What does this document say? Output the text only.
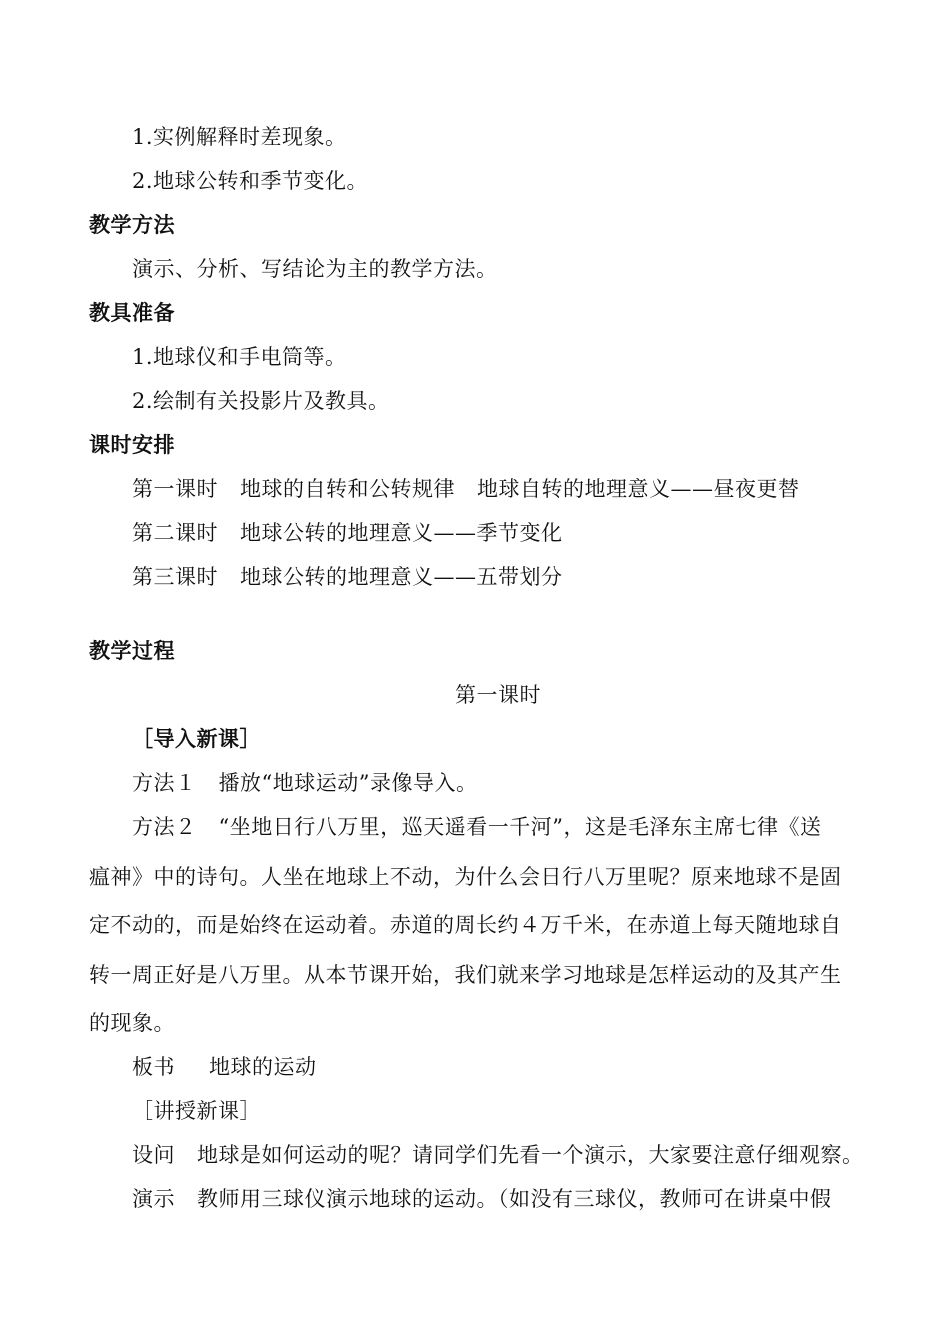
1.实例解释时差现象。
2.地球公转和季节变化。
教学方法
演示、分析、写结论为主的教学方法。
教具准备
1.地球仪和手电筒等。
2.绘制有关投影片及教具。
课时安排
第一课时 地球的自转和公转规律 地球自转的地理意义——昼夜更替
第二课时 地球公转的地理意义——季节变化
第三课时 地球公转的地理意义——五带划分
教学过程
第一课时
［导入新课］
方法１ 播放“地球运动”录像导入。
方法２ “坐地日行八万里，巡天遥看一千河”，这是毛泽东主席七律《送
瘟神》中的诗句。人坐在地球上不动，为什么会日行八万里呢？原来地球不是固
定不动的，而是始终在运动着。赤道的周长约４万千米，在赤道上每天随地球自
转一周正好是八万里。从本节课开始，我们就来学习地球是怎样运动的及其产生
的现象。
板书 地球的运动
［讲授新课］
设问 地球是如何运动的呢？请同学们先看一个演示，大家要注意仔细观察。
演示 教师用三球仪演示地球的运动。（如没有三球仪，教师可在讲桌中假
